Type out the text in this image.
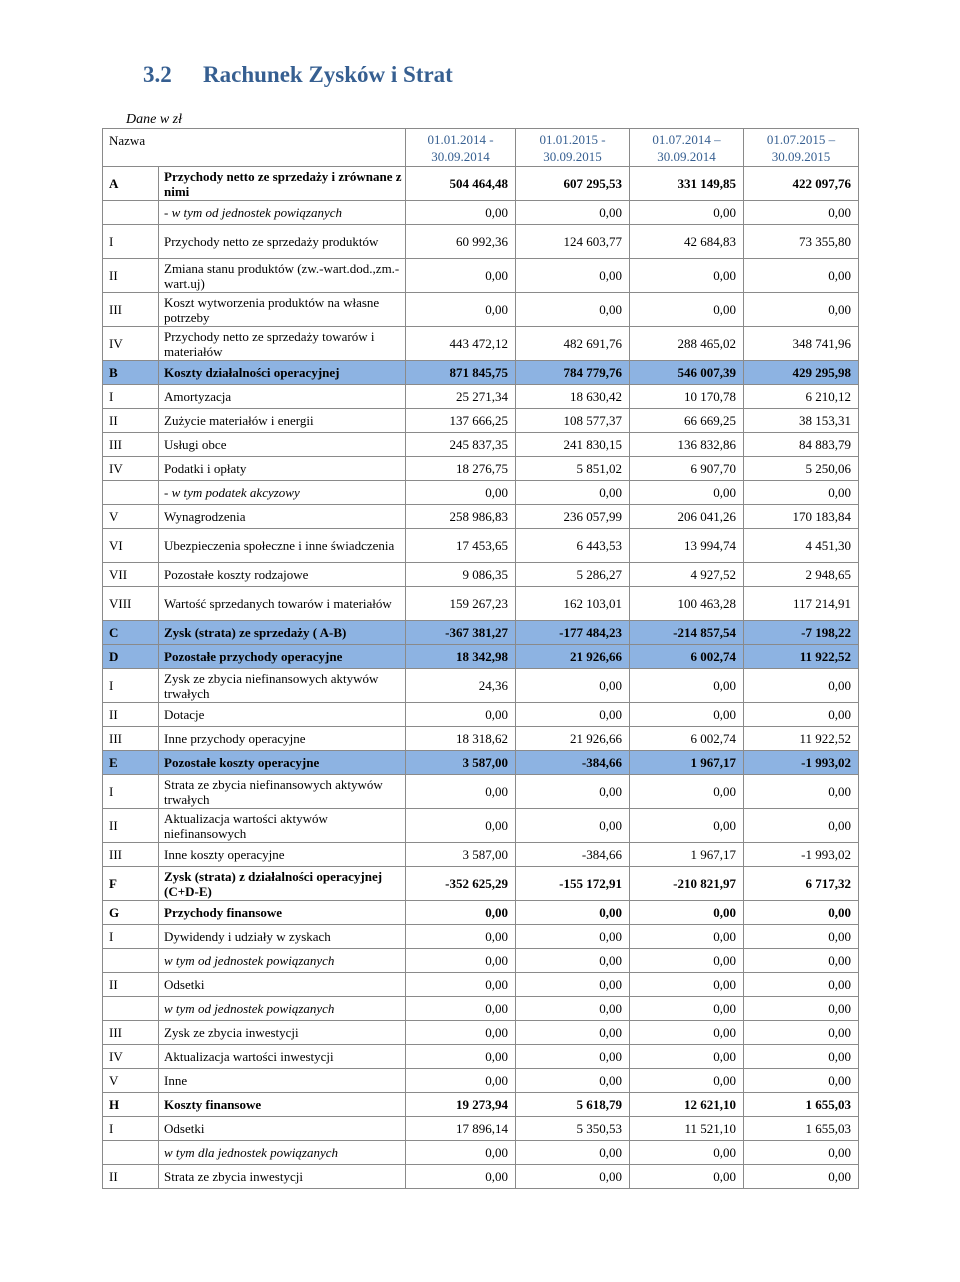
3.2 Rachunek Zysków i Strat
Dane w zł
Nazwa		01.01.2014 - 30.09.2014	01.01.2015 - 30.09.2015	01.07.2014 – 30.09.2014	01.07.2015 – 30.09.2015
A	Przychody netto ze sprzedaży i zrównane z nimi	504 464,48	607 295,53	331 149,85	422 097,76
	- w tym od jednostek powiązanych	0,00	0,00	0,00	0,00
I	Przychody netto ze sprzedaży produktów	60 992,36	124 603,77	42 684,83	73 355,80
II	Zmiana stanu produktów (zw.-wart.dod.,zm.-wart.uj)	0,00	0,00	0,00	0,00
III	Koszt wytworzenia produktów na własne potrzeby	0,00	0,00	0,00	0,00
IV	Przychody netto ze sprzedaży towarów i materiałów	443 472,12	482 691,76	288 465,02	348 741,96
B	Koszty działalności operacyjnej	871 845,75	784 779,76	546 007,39	429 295,98
I	Amortyzacja	25 271,34	18 630,42	10 170,78	6 210,12
II	Zużycie materiałów i energii	137 666,25	108 577,37	66 669,25	38 153,31
III	Usługi obce	245 837,35	241 830,15	136 832,86	84 883,79
IV	Podatki i opłaty	18 276,75	5 851,02	6 907,70	5 250,06
	- w tym podatek akcyzowy	0,00	0,00	0,00	0,00
V	Wynagrodzenia	258 986,83	236 057,99	206 041,26	170 183,84
VI	Ubezpieczenia społeczne i inne świadczenia	17 453,65	6 443,53	13 994,74	4 451,30
VII	Pozostałe koszty rodzajowe	9 086,35	5 286,27	4 927,52	2 948,65
VIII	Wartość sprzedanych towarów i materiałów	159 267,23	162 103,01	100 463,28	117 214,91
C	Zysk (strata) ze sprzedaży ( A-B)	-367 381,27	-177 484,23	-214 857,54	-7 198,22
D	Pozostałe przychody operacyjne	18 342,98	21 926,66	6 002,74	11 922,52
I	Zysk ze zbycia niefinansowych aktywów trwałych	24,36	0,00	0,00	0,00
II	Dotacje	0,00	0,00	0,00	0,00
III	Inne przychody operacyjne	18 318,62	21 926,66	6 002,74	11 922,52
E	Pozostałe koszty operacyjne	3 587,00	-384,66	1 967,17	-1 993,02
I	Strata ze zbycia niefinansowych aktywów trwałych	0,00	0,00	0,00	0,00
II	Aktualizacja wartości aktywów niefinansowych	0,00	0,00	0,00	0,00
III	Inne koszty operacyjne	3 587,00	-384,66	1 967,17	-1 993,02
F	Zysk (strata) z działalności operacyjnej (C+D-E)	-352 625,29	-155 172,91	-210 821,97	6 717,32
G	Przychody finansowe	0,00	0,00	0,00	0,00
I	Dywidendy i udziały w zyskach	0,00	0,00	0,00	0,00
	w tym od jednostek powiązanych	0,00	0,00	0,00	0,00
II	Odsetki	0,00	0,00	0,00	0,00
	w tym od jednostek powiązanych	0,00	0,00	0,00	0,00
III	Zysk ze zbycia inwestycji	0,00	0,00	0,00	0,00
IV	Aktualizacja wartości inwestycji	0,00	0,00	0,00	0,00
V	Inne	0,00	0,00	0,00	0,00
H	Koszty finansowe	19 273,94	5 618,79	12 621,10	1 655,03
I	Odsetki	17 896,14	5 350,53	11 521,10	1 655,03
	w tym dla jednostek powiązanych	0,00	0,00	0,00	0,00
II	Strata ze zbycia inwestycji	0,00	0,00	0,00	0,00
